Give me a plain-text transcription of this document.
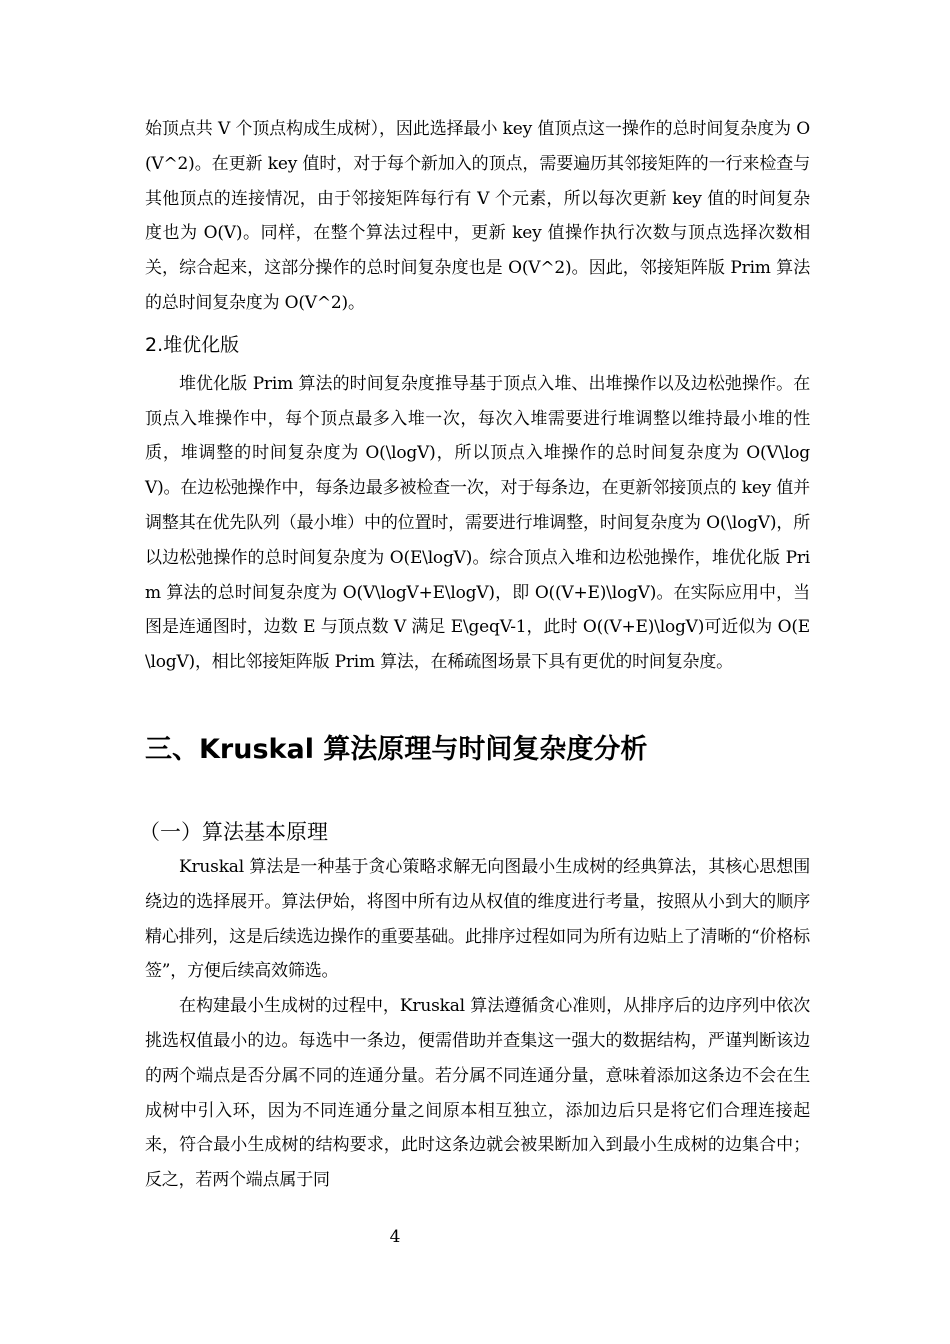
始顶点共 V 个顶点构成生成树），因此选择最小 key 值顶点这一操作的总时间复杂度为 O(V^2)。在更新 key 值时，对于每个新加入的顶点，需要遍历其邻接矩阵的一行来检查与其他顶点的连接情况，由于邻接矩阵每行有 V 个元素，所以每次更新 key 值的时间复杂度也为 O(V)。同样，在整个算法过程中，更新 key 值操作执行次数与顶点选择次数相关，综合起来，这部分操作的总时间复杂度也是 O(V^2)。因此，邻接矩阵版 Prim 算法的总时间复杂度为 O(V^2)。

2.堆优化版

堆优化版 Prim 算法的时间复杂度推导基于顶点入堆、出堆操作以及边松弛操作。在顶点入堆操作中，每个顶点最多入堆一次，每次入堆需要进行堆调整以维持最小堆的性质，堆调整的时间复杂度为 O(\logV)，所以顶点入堆操作的总时间复杂度为 O(V\logV)。在边松弛操作中，每条边最多被检查一次，对于每条边，在更新邻接顶点的 key 值并调整其在优先队列（最小堆）中的位置时，需要进行堆调整，时间复杂度为 O(\logV)，所以边松弛操作的总时间复杂度为 O(E\logV)。综合顶点入堆和边松弛操作，堆优化版 Prim 算法的总时间复杂度为 O(V\logV+E\logV)，即 O((V+E)\logV)。在实际应用中，当图是连通图时，边数 E 与顶点数 V 满足 E\geqV-1，此时 O((V+E)\logV)可近似为 O(E\logV)，相比邻接矩阵版 Prim 算法，在稀疏图场景下具有更优的时间复杂度。

三、Kruskal 算法原理与时间复杂度分析
（一）算法基本原理

Kruskal 算法是一种基于贪心策略求解无向图最小生成树的经典算法，其核心思想围绕边的选择展开。算法伊始，将图中所有边从权值的维度进行考量，按照从小到大的顺序精心排列，这是后续选边操作的重要基础。此排序过程如同为所有边贴上了清晰的“价格标签”，方便后续高效筛选。

在构建最小生成树的过程中，Kruskal 算法遵循贪心准则，从排序后的边序列中依次挑选权值最小的边。每选中一条边，便需借助并查集这一强大的数据结构，严谨判断该边的两个端点是否分属不同的连通分量。若分属不同连通分量，意味着添加这条边不会在生成树中引入环，因为不同连通分量之间原本相互独立，添加边后只是将它们合理连接起来，符合最小生成树的结构要求，此时这条边就会被果断加入到最小生成树的边集合中；反之，若两个端点属于同

4
